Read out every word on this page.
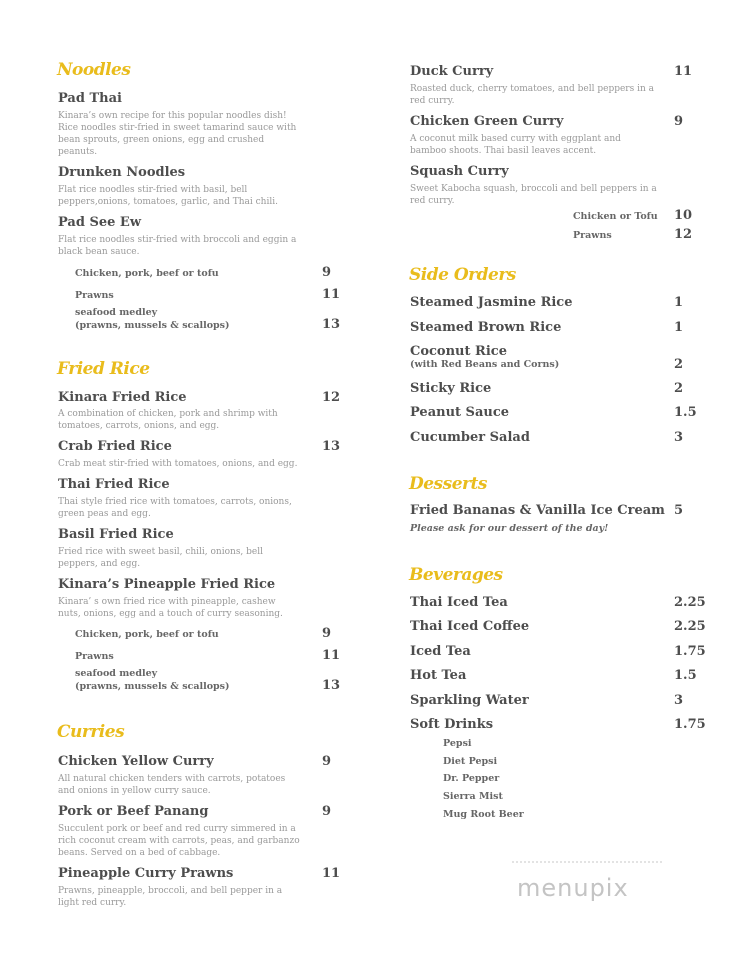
Noodles
Pad Thai
Kinara’s own recipe for this popular noodles dish! Rice noodles stir-fried in sweet tamarind sauce with bean sprouts, green onions, egg and crushed peanuts.
Drunken Noodles
Flat rice noodles stir-fried with basil, bell peppers,onions, tomatoes, garlic, and Thai chili.
Pad See Ew
Flat rice noodles stir-fried with broccoli and eggin a black bean sauce.
Chicken, pork, beef or tofu	9
Prawns	11
seafood medley
(prawns, mussels & scallops)	13
Fried Rice
Kinara Fried Rice	12
A combination of chicken, pork and shrimp with tomatoes, carrots, onions, and egg.
Crab Fried Rice	13
Crab meat stir-fried with tomatoes, onions, and egg.
Thai Fried Rice
Thai style fried rice with tomatoes, carrots, onions, green peas and egg.
Basil Fried Rice
Fried rice with sweet basil, chili, onions, bell peppers, and egg.
Kinara’s Pineapple Fried Rice
Kinara’ s own fried rice with pineapple, cashew nuts, onions, egg and a touch of curry seasoning.
Chicken, pork, beef or tofu	9
Prawns	11
seafood medley
(prawns, mussels & scallops)	13
Curries
Chicken Yellow Curry	9
All natural chicken tenders with carrots, potatoes and onions in yellow curry sauce.
Pork or Beef Panang	9
Succulent pork or beef and red curry simmered in a rich coconut cream with carrots, peas, and garbanzo beans. Served on a bed of cabbage.
Pineapple Curry Prawns	11
Prawns, pineapple, broccoli, and bell pepper in a light red curry.
Duck Curry	11
Roasted duck, cherry tomatoes, and bell peppers in a red curry.
Chicken Green Curry	9
A coconut milk based curry with eggplant and bamboo shoots. Thai basil leaves accent.
Squash Curry
Sweet Kabocha squash, broccoli and bell peppers in a red curry.
Chicken or Tofu 10
Prawns	12
Side Orders
Steamed Jasmine Rice	1
Steamed Brown Rice	1
Coconut Rice
(with Red Beans and Corns)	2
Sticky Rice	2
Peanut Sauce	1.5
Cucumber Salad	3
Desserts
Fried Bananas & Vanilla Ice Cream 5
Please ask for our dessert of the day!
Beverages
Thai Iced Tea	2.25
Thai Iced Coffee	2.25
Iced Tea	1.75
Hot Tea	1.5
Sparkling Water	3
Soft Drinks	1.75
Pepsi
Diet Pepsi
Dr. Pepper
Sierra Mist
Mug Root Beer
menupix
